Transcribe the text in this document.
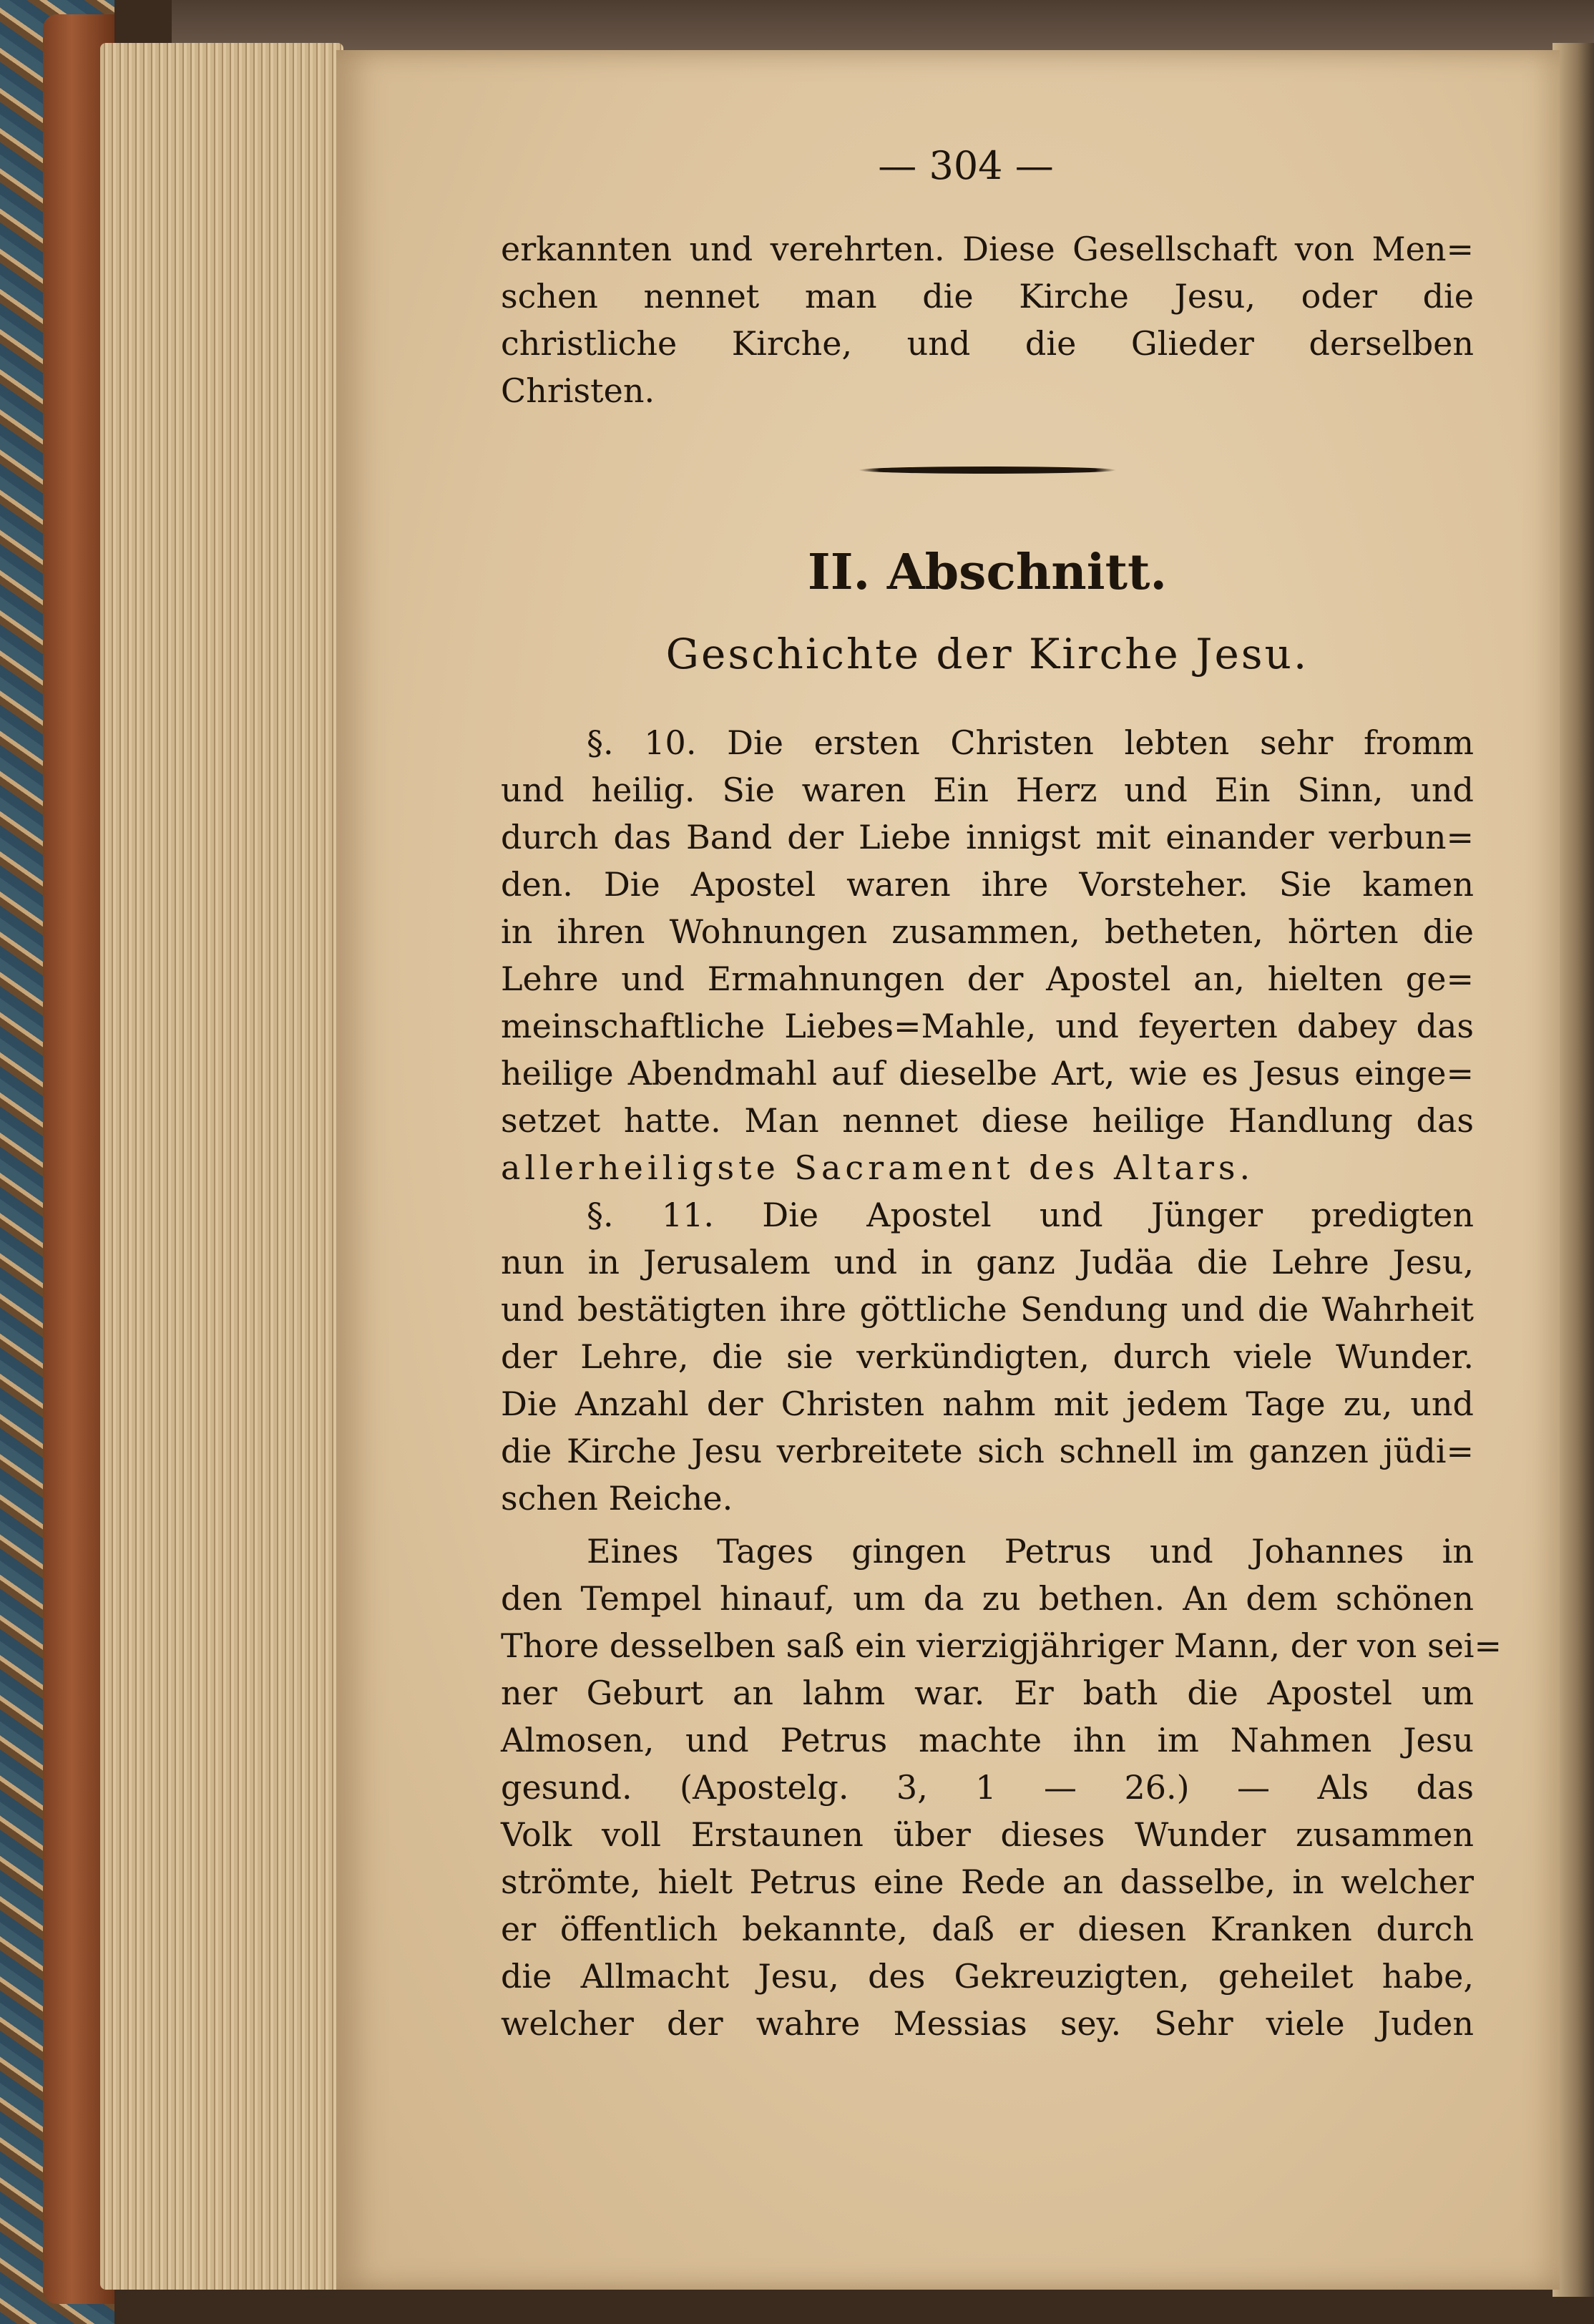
— 304 —
erkannten und verehrten. Diese Gesellschaft von Men=
schen nennet man die Kirche Jesu, oder die
christliche Kirche, und die Glieder derselben
Christen.
II. Abschnitt.
Geschichte der Kirche Jesu.
§. 10. Die ersten Christen lebten sehr fromm
und heilig. Sie waren Ein Herz und Ein Sinn, und
durch das Band der Liebe innigst mit einander verbun=
den. Die Apostel waren ihre Vorsteher. Sie kamen
in ihren Wohnungen zusammen, betheten, hörten die
Lehre und Ermahnungen der Apostel an, hielten ge=
meinschaftliche Liebes=Mahle, und feyerten dabey das
heilige Abendmahl auf dieselbe Art, wie es Jesus einge=
setzet hatte. Man nennet diese heilige Handlung das
allerheiligste Sacrament des Altars.
§. 11. Die Apostel und Jünger predigten
nun in Jerusalem und in ganz Judäa die Lehre Jesu,
und bestätigten ihre göttliche Sendung und die Wahrheit
der Lehre, die sie verkündigten, durch viele Wunder.
Die Anzahl der Christen nahm mit jedem Tage zu, und
die Kirche Jesu verbreitete sich schnell im ganzen jüdi=
schen Reiche.
Eines Tages gingen Petrus und Johannes in
den Tempel hinauf, um da zu bethen. An dem schönen
Thore desselben saß ein vierzigjähriger Mann, der von sei=
ner Geburt an lahm war. Er bath die Apostel um
Almosen, und Petrus machte ihn im Nahmen Jesu
gesund. (Apostelg. 3, 1 — 26.) — Als das
Volk voll Erstaunen über dieses Wunder zusammen
strömte, hielt Petrus eine Rede an dasselbe, in welcher
er öffentlich bekannte, daß er diesen Kranken durch
die Allmacht Jesu, des Gekreuzigten, geheilet habe,
welcher der wahre Messias sey. Sehr viele Juden
